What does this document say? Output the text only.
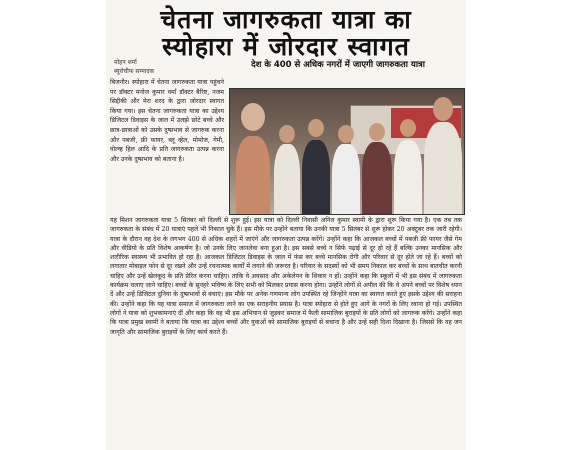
चेतना जागरुकता यात्रा का
स्योहारा में जोरदार स्वागत
मोहन शर्मा
ब्यूरोचीफ सम्पादक
देश के 400 से अधिक नगरों में जाएगी जागरुकता यात्रा
बिजनौर। स्योहारा में चेतना जागरुकता यात्रा पहुंचने पर डॉक्टर मनोज कुमार वर्मा डॉक्टर बैरिष्ट, नजम सिद्दीकी और मेरा शरद के द्वारा जोरदार स्वागत किया गया। इस चेतना जागरुकता यात्रा का उद्देश्य डिजिटल डिवाइस के जाल में उलझे छोटे बच्चे और छात्र-छात्राओं को उसके दुष्प्रभाव से जागरुक करना और पबजी, फ्री फायर, ब्लू व्हेल, मोमोज, गेमी, वोल्व्ह हिल आदि के प्रति जागरुकता उत्पन्न करना और उनके दुष्प्रभाव को बताना है।
यह मिशन जागरुकता यात्रा 5 सितंबर को दिल्ली से शुरू हुई। इस यात्रा को दिल्ली निवासी अनिल कुमार स्वामी के द्वारा शुरू किया गया है। एक तब तक जागरुकता के संबंध में 20 यात्राएं पहले भी निकाल चुके हैं। इस मौके पर उन्होंने बताया कि उनकी यात्रा 5 सितंबर से शुरू होकर 20 अक्टूबर तक जारी रहेगी। यात्रा के दौरान वह देश के लगभग 400 से अधिक शहरों में जाएंगे और जागरुकता उत्पन्न करेंगे। उन्होंने कहा कि आजकल बच्चों में पबजी फ्री फायर जैसे गेम और वीडियो के प्रति विशेष आकर्षण है। जो उनके लिए जानलेवा बना हुआ है। इस सबसे बच्चे न सिर्फ पढ़ाई से दूर हो रहे हैं बल्कि उनका मानसिक और शारीरिक स्वास्थ्य भी प्रभावित हो रहा है। आजकल डिजिटल डिवाइस के जाल में फंस कर बच्चे मानसिक रोगी और परिवार से दूर होते जा रहे हैं। बच्चों को लगातार मोबाइल फोन से दूर रखने और उन्हें रचनात्मक कार्यों में लगाने की जरूरत है। परिवार के सदस्यों को भी समय निकाल कर बच्चों के साथ बातचीत करनी चाहिए और उन्हें खेलकूद के प्रति प्रेरित करना चाहिए। ताकि वे अवसाद और अकेलेपन के शिकार न हों। उन्होंने कहा कि स्कूलों में भी इस संबंध में जागरुकता कार्यक्रम चलाए जाने चाहिए। बच्चों के सुनहरे भविष्य के लिए सभी को मिलकर प्रयास करना होगा। उन्होंने लोगों से अपील की कि वे अपने बच्चों पर विशेष ध्यान दें और उन्हें डिजिटल दुनिया के दुष्प्रभावों से बचाएं। इस मौके पर अनेक गणमान्य लोग उपस्थित रहे जिन्होंने यात्रा का स्वागत करते हुए इसके उद्देश्य की सराहना की। उन्होंने कहा कि यह यात्रा समाज में जागरुकता लाने का एक सराहनीय प्रयास है। यात्रा स्योहारा से होते हुए आगे के नगरों के लिए रवाना हो गई। उपस्थित लोगों ने यात्रा को शुभकामनाएं दीं और कहा कि वह भी इस अभियान से जुड़कर समाज में फैली सामाजिक बुराइयों के प्रति लोगों को जागरुक करेंगे। उन्होंने कहा कि यात्रा प्रमुख स्वामी ने बताया कि यात्रा का उद्देश्य बच्चों और युवाओं को सामाजिक बुराइयों से बचाना है और उन्हें सही दिशा दिखाना है। जिससे कि वह जन जागृति और सामाजिक बुराइयों के लिए कार्य करते हैं।
